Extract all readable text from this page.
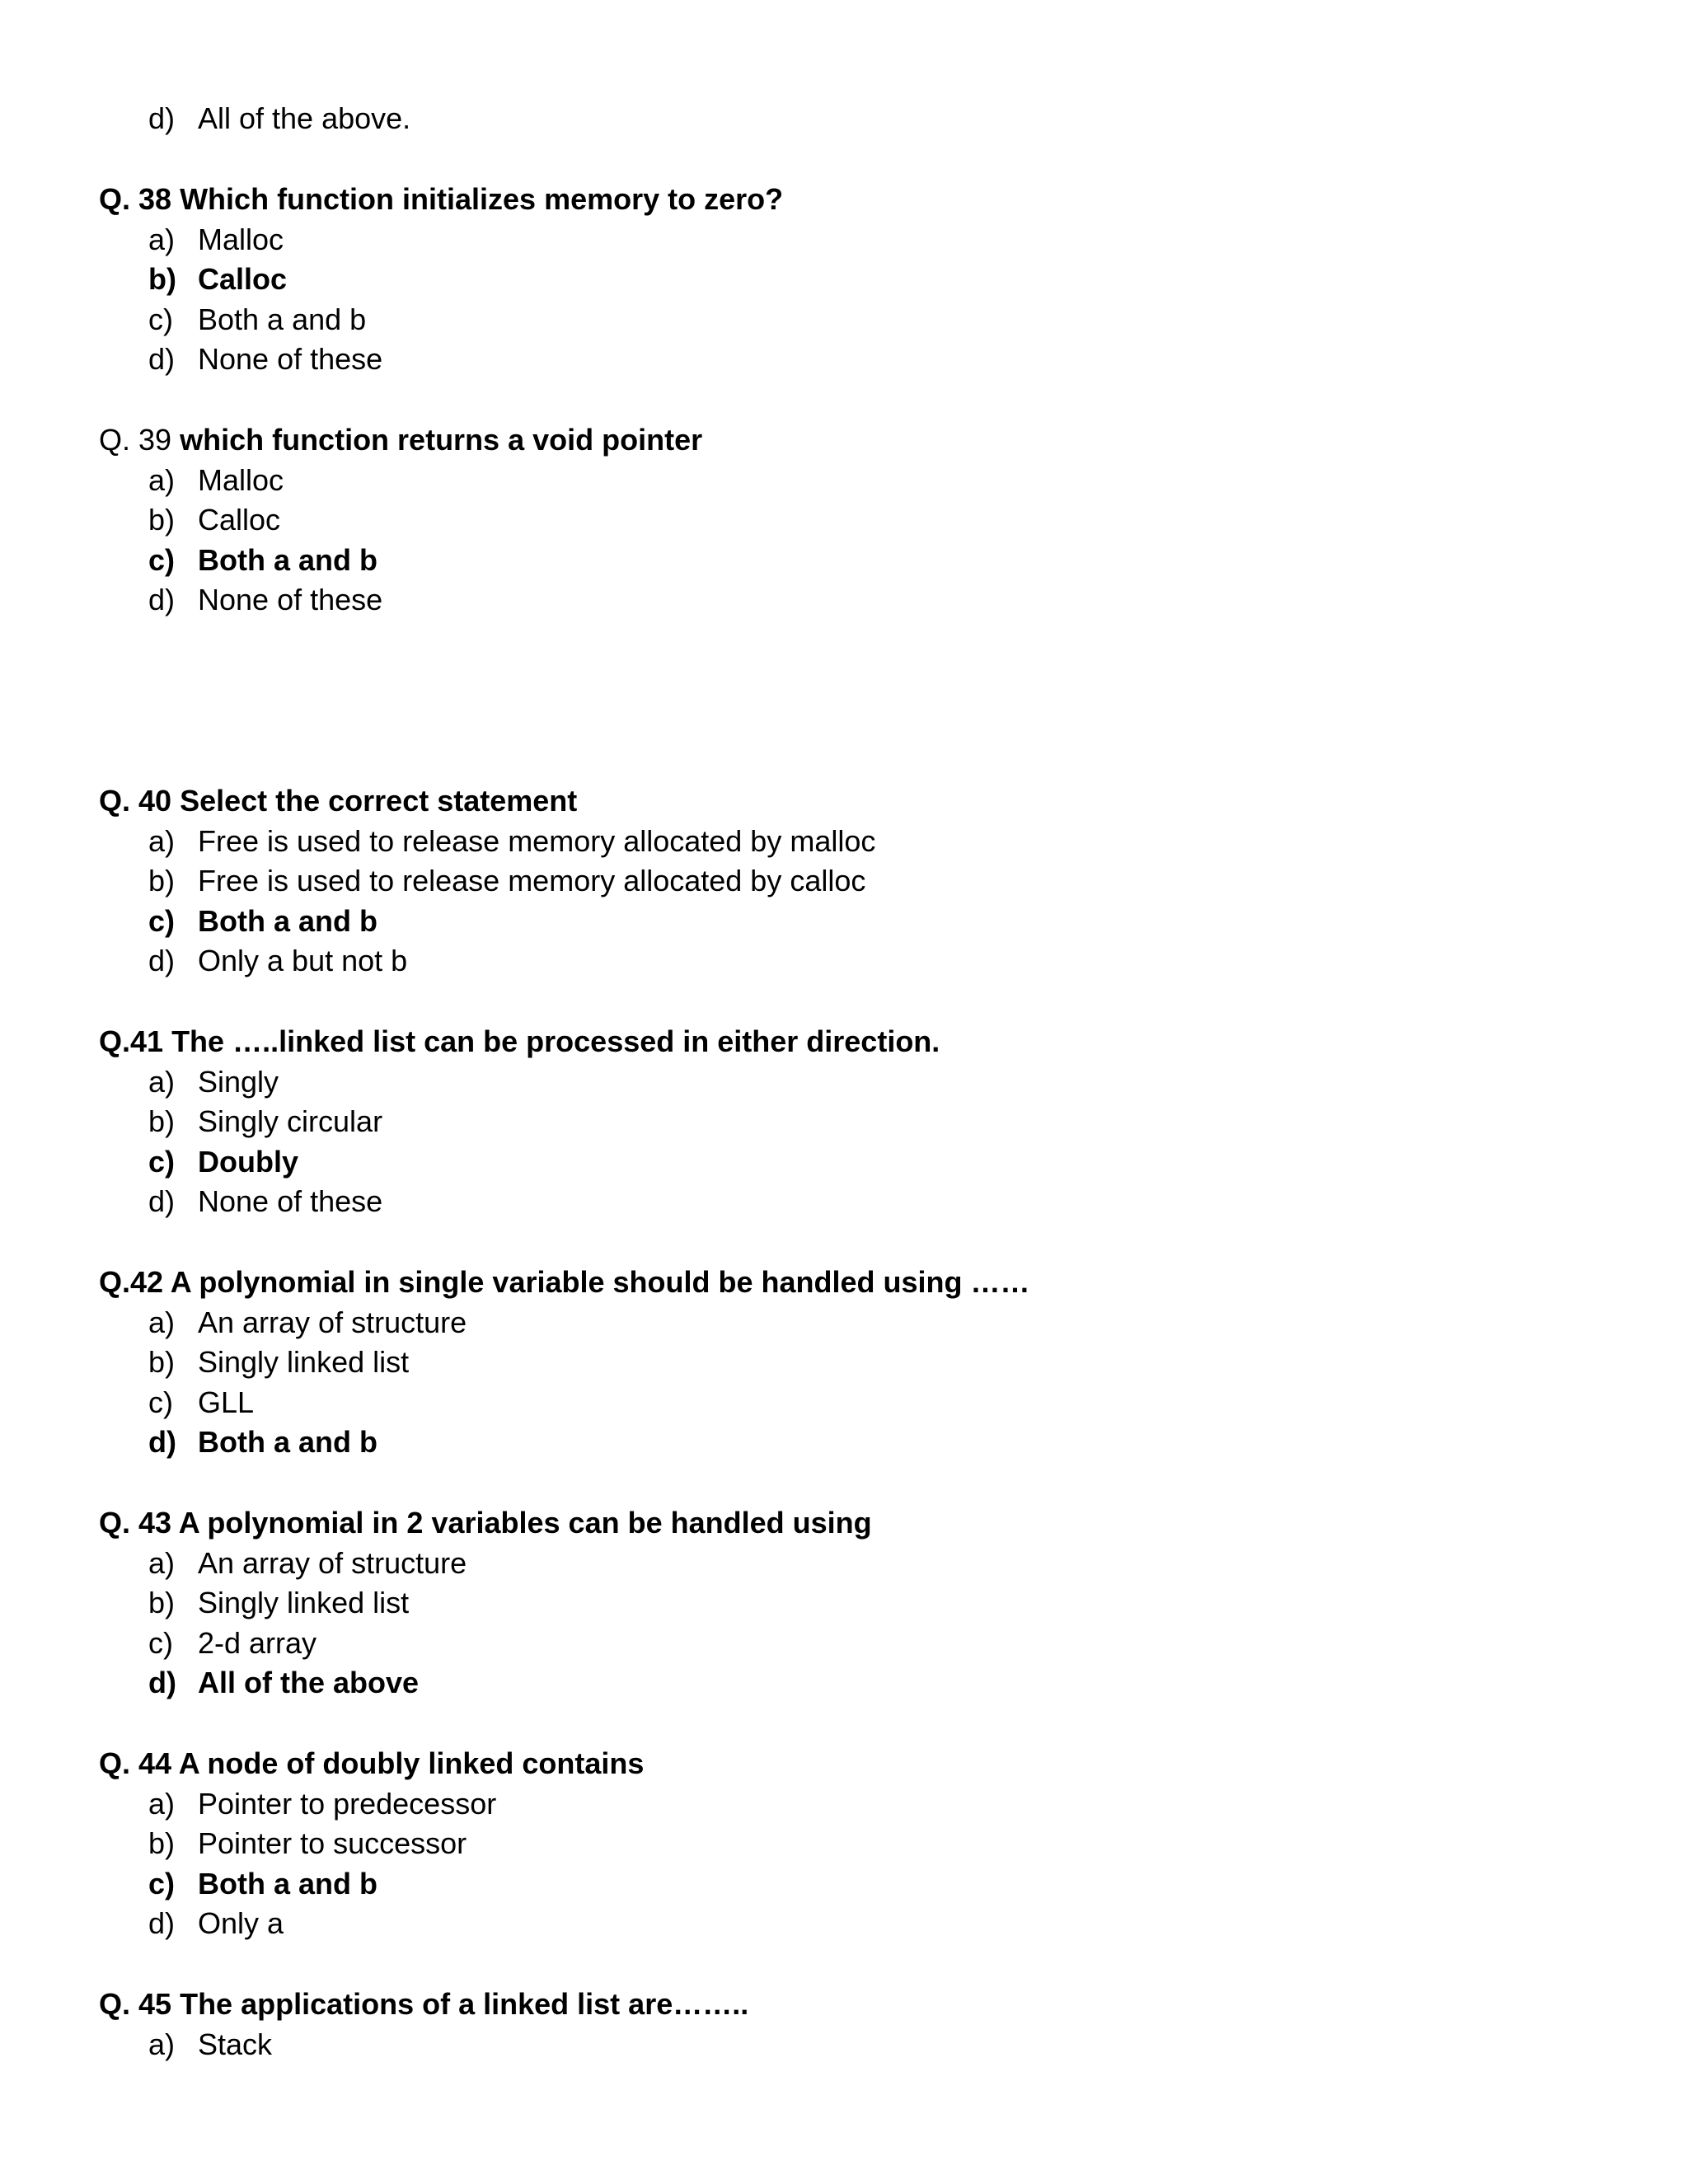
d) All of the above.
Q. 38 Which function initializes memory to zero?
a) Malloc
b) Calloc
c) Both a and b
d) None of these
Q. 39 which function returns a void pointer
a) Malloc
b) Calloc
c) Both a and b
d) None of these
Q. 40 Select the correct statement
a) Free is used to release memory allocated by malloc
b) Free is used to release memory allocated by calloc
c) Both a and b
d) Only a but not b
Q.41 The …..linked list can be processed in either direction.
a) Singly
b) Singly circular
c) Doubly
d) None of these
Q.42 A polynomial in single variable should be handled using ……
a) An array of structure
b) Singly linked list
c) GLL
d) Both a and b
Q. 43 A polynomial in 2 variables can be handled using
a) An array of structure
b) Singly linked list
c) 2-d array
d) All of the above
Q. 44 A node of doubly linked contains
a) Pointer to predecessor
b) Pointer to successor
c) Both a and b
d) Only a
Q. 45 The applications of a linked list are……..
a) Stack
